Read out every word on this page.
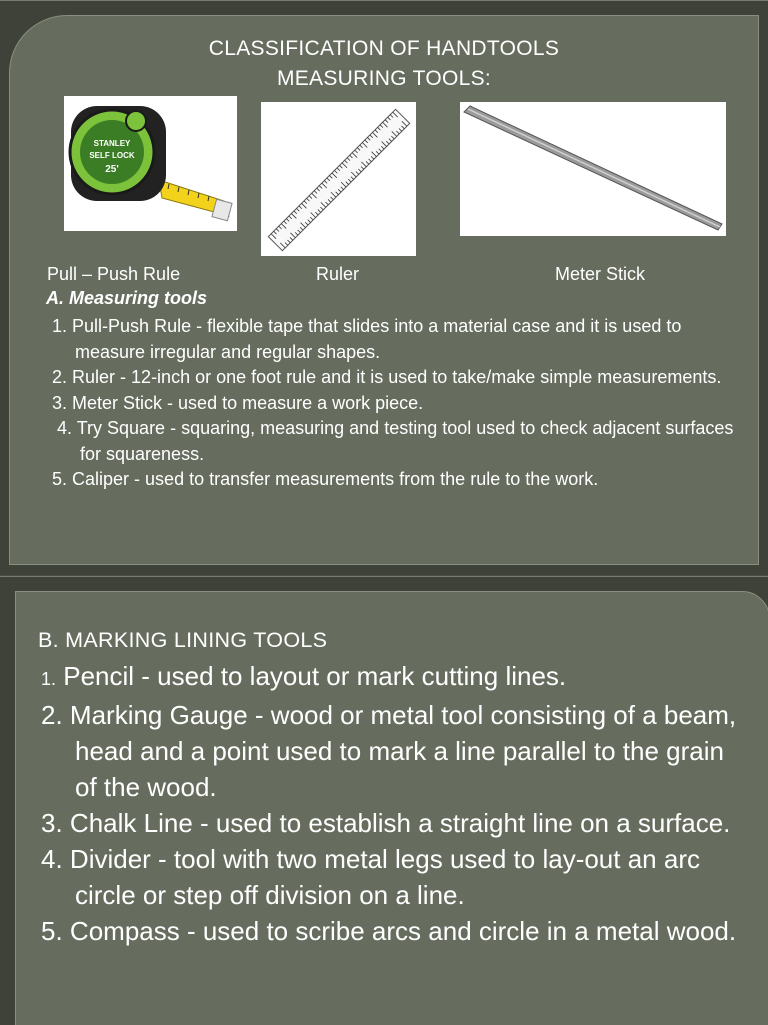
CLASSIFICATION OF HANDTOOLS
MEASURING TOOLS:
STANLEY
SELF LOCK
25'
Pull – Push Rule	Ruler	Meter Stick
A. Measuring tools
1. Pull-Push Rule - flexible tape that slides into a material case and it is used to measure irregular and regular shapes.
2. Ruler - 12-inch or one foot rule and it is used to take/make simple measurements.
3. Meter Stick - used to measure a work piece.
4. Try Square - squaring, measuring and testing tool used to check adjacent surfaces for squareness.
5. Caliper - used to transfer measurements from the rule to the work.
B. MARKING LINING TOOLS
1. Pencil - used to layout or mark cutting lines.
2. Marking Gauge - wood or metal tool consisting of a beam, head and a point used to mark a line parallel to the grain of the wood.
3. Chalk Line - used to establish a straight line on a surface.
4. Divider - tool with two metal legs used to lay-out an arc circle or step off division on a line.
5. Compass - used to scribe arcs and circle in a metal wood.
